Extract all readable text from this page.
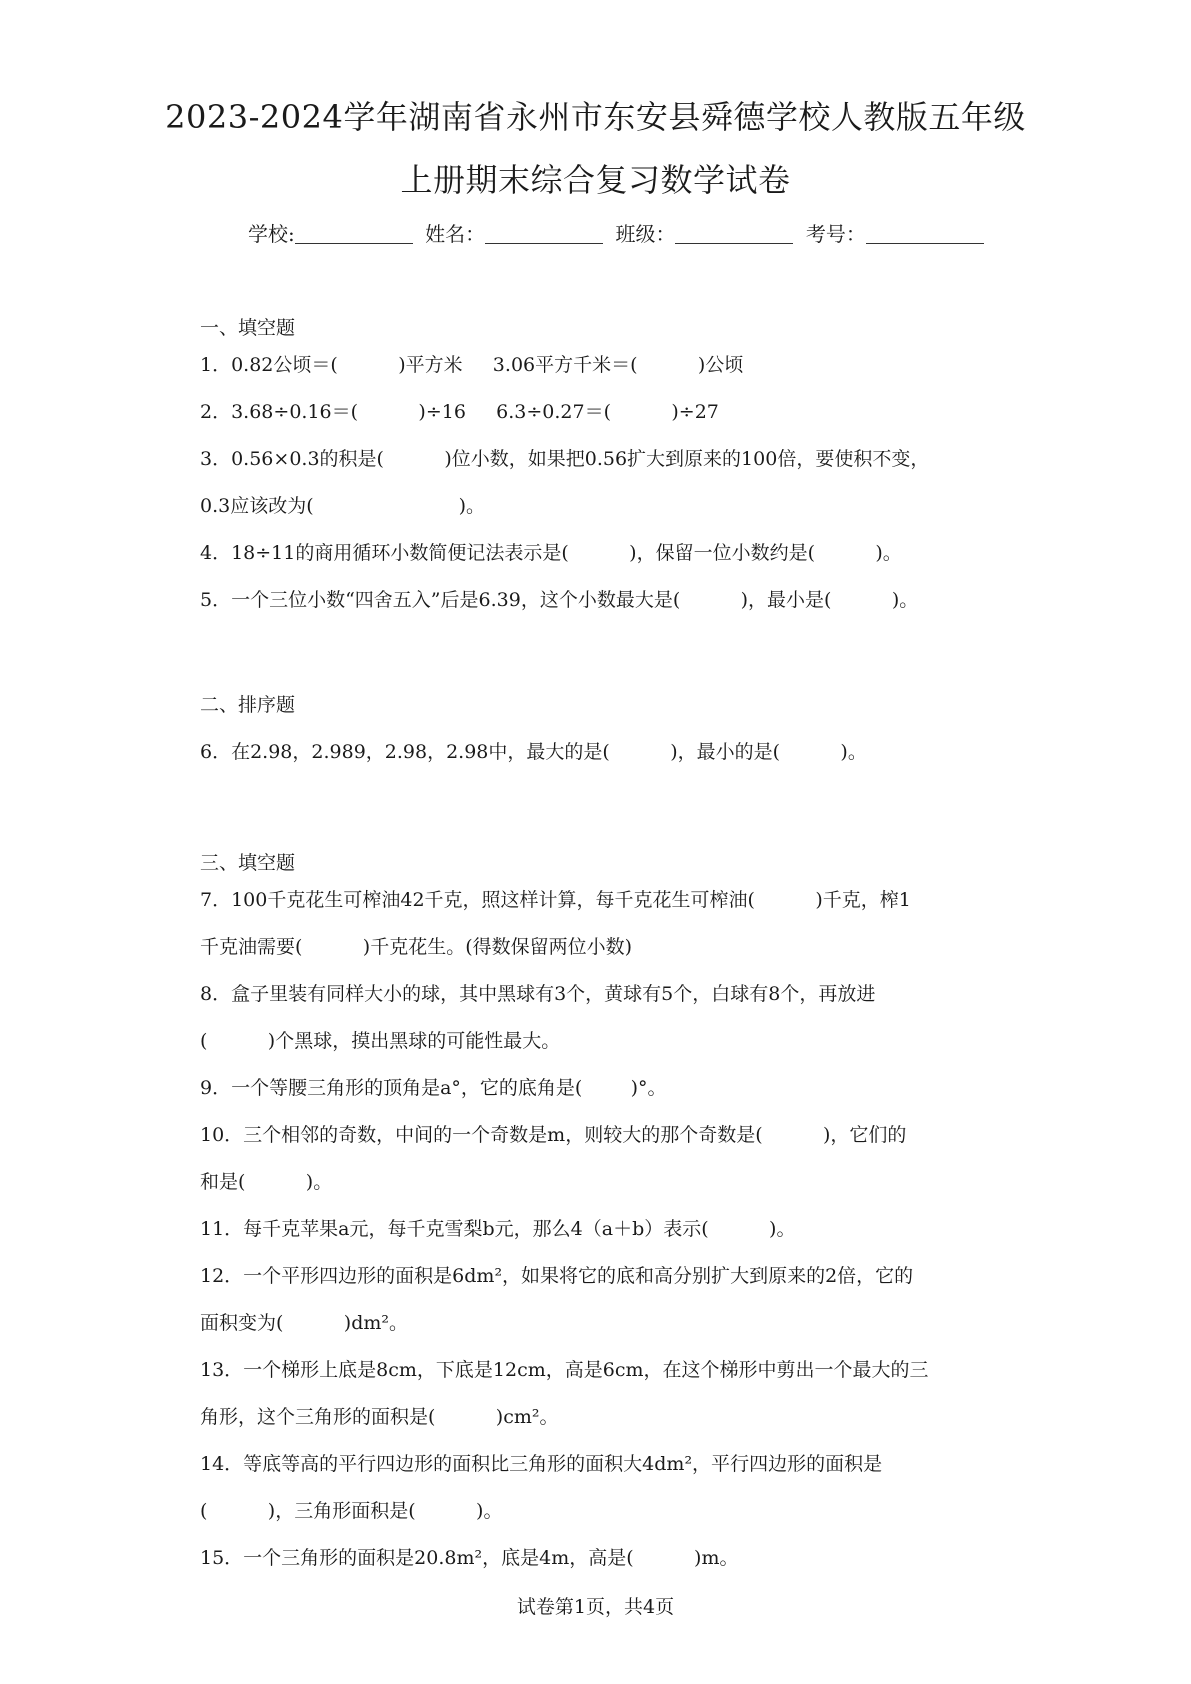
2023-2024学年湖南省永州市东安县舜德学校人教版五年级
上册期末综合复习数学试卷
学校:	姓名：	班级：	考号：
一、填空题
1．0.82公顷＝(          )平方米     3.06平方千米＝(          )公顷
2．3.68÷0.16＝(          )÷16     6.3÷0.27＝(          )÷27
3．0.56×0.3的积是(          )位小数，如果把0.56扩大到原来的100倍，要使积不变，
0.3应该改为(                        )。
4．18÷11的商用循环小数简便记法表示是(          )，保留一位小数约是(          )。
5．一个三位小数“四舍五入”后是6.39，这个小数最大是(          )，最小是(          )。
二、排序题
6．在2.98，2.989，2.98，2.98中，最大的是(          )，最小的是(          )。
三、填空题
7．100千克花生可榨油42千克，照这样计算，每千克花生可榨油(          )千克，榨1
千克油需要(          )千克花生。(得数保留两位小数)
8．盒子里装有同样大小的球，其中黑球有3个，黄球有5个，白球有8个，再放进
(          )个黑球，摸出黑球的可能性最大。
9．一个等腰三角形的顶角是a°，它的底角是(        )°。
10．三个相邻的奇数，中间的一个奇数是m，则较大的那个奇数是(          )，它们的
和是(          )。
11．每千克苹果a元，每千克雪梨b元，那么4（a＋b）表示(          )。
12．一个平形四边形的面积是6dm²，如果将它的底和高分别扩大到原来的2倍，它的
面积变为(          )dm²。
13．一个梯形上底是8cm，下底是12cm，高是6cm，在这个梯形中剪出一个最大的三
角形，这个三角形的面积是(          )cm²。
14．等底等高的平行四边形的面积比三角形的面积大4dm²，平行四边形的面积是
(          )，三角形面积是(          )。
15．一个三角形的面积是20.8m²，底是4m，高是(          )m。
试卷第1页，共4页
